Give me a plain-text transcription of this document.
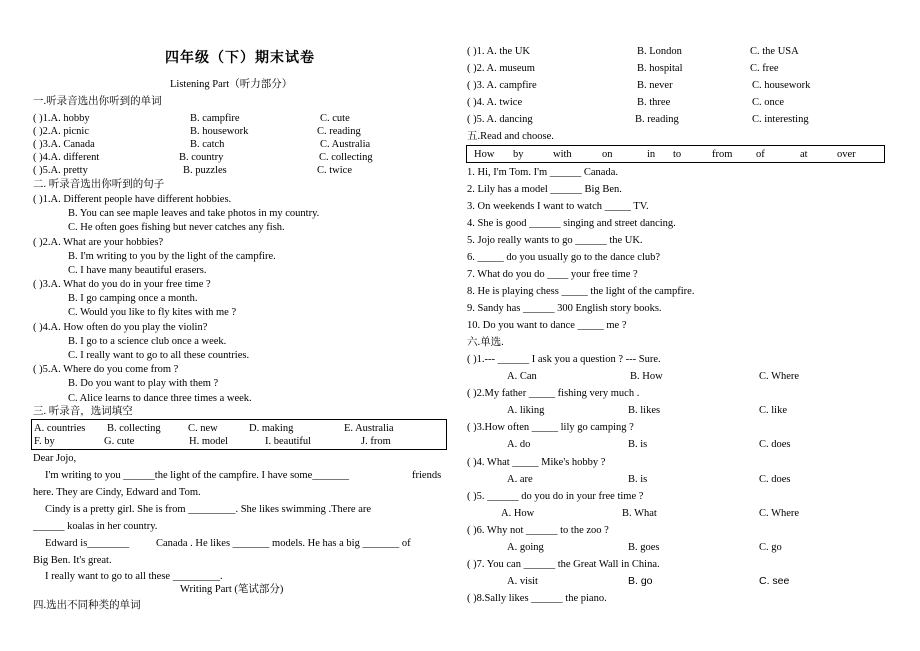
四年级（下）期末试卷
Listening Part（听力部分）
一.听录音选出你听到的单词
( )1.A. hobby	B. campfire	C. cute
( )2.A. picnic	B. housework	C. reading
( )3.A. Canada	B. catch	C. Australia
( )4.A. different	B. country	C. collecting
( )5.A. pretty	B. puzzles	C. twice
二. 听录音选出你听到的句子
( )1.A. Different people have different hobbies.
B. You can see maple leaves and take photos in my country.
C. He often goes fishing but never catches any fish.
( )2.A. What are your hobbies?
B. I'm writing to you by the light of the campfire.
C. I have many beautiful erasers.
( )3.A. What do you do in your free time ?
B. I go camping once a month.
C. Would you like to fly kites with me ?
( )4.A. How often do you play the violin?
B. I go to a science club once a week.
C. I really want to go to all these countries.
( )5.A. Where do you come from ?
B. Do you want to play with them ?
C. Alice learns to dance three times a week.
三. 听录音，选词填空
A. countries B. collecting	C. new	D. making	E. Australia
F. by	G. cute	H. model	I. beautiful	J. from
Dear Jojo,
I'm writing to you ______the light of the campfire. I have some_______	friends
here. They are Cindy, Edward and Tom.
Cindy is a pretty girl. She is from _________. She likes swimming .There are
______ koalas in her country.
Edward is________	Canada . He likes _______ models. He has a big _______ of
Big Ben. It's great.
I really want to go to all these _________.
Writing Part (笔试部分)
四.选出不同种类的单词
( )1. A. the UK	B. London	C. the USA
( )2. A. museum	B. hospital	C. free
( )3. A. campfire	B. never	C. housework
( )4. A. twice	B. three	C. once
( )5. A. dancing	B. reading	C. interesting
五.Read and choose.
How by	with	on	in to	from of	at	over
1. Hi, I'm Tom. I'm ______ Canada.
2. Lily has a model ______ Big Ben.
3. On weekends I want to watch _____ TV.
4. She is good ______ singing and street dancing.
5. Jojo really wants to go ______ the UK.
6. _____ do you usually go to the dance club?
7. What do you do ____ your free time ?
8. He is playing chess _____ the light of the campfire.
9. Sandy has ______ 300 English story books.
10. Do you want to dance _____ me ?
六.单选.
( )1.--- ______ I ask you a question ? --- Sure.
A. Can	B. How	C. Where
( )2.My father _____ fishing very much .
A. liking	B. likes	C. like
( )3.How often _____ lily go camping ?
A. do	B. is	C. does
( )4. What _____ Mike's hobby ?
A. are	B. is	C. does
( )5. ______ do you do in your free time ?
A. How	B. What	C. Where
( )6. Why not ______ to the zoo ?
A. going	B. goes	C. go
( )7. You can ______ the Great Wall in China.
A. visit	B. go	C. see
( )8.Sally likes ______ the piano.
